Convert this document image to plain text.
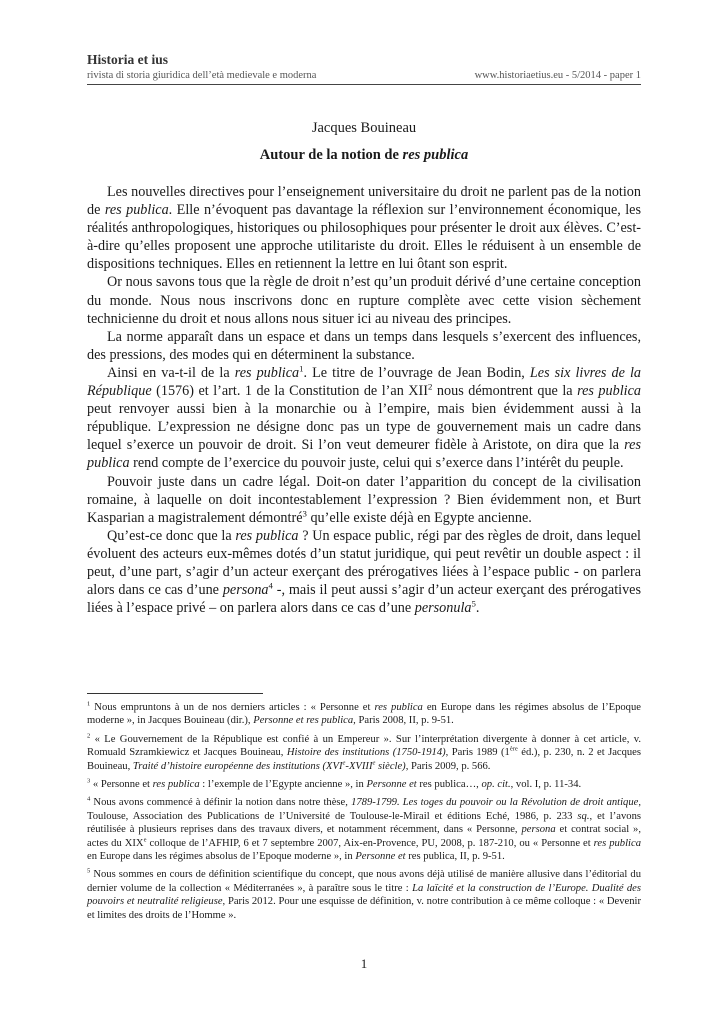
Historia et ius
rivista di storia giuridica dell’età medievale e moderna	www.historiaetius.eu - 5/2014 - paper 1
Jacques Bouineau
Autour de la notion de res publica

Les nouvelles directives pour l’enseignement universitaire du droit ne parlent pas de la notion de res publica. Elle n’évoquent pas davantage la réflexion sur l’environnement économique, les réalités anthropologiques, historiques ou philosophiques pour présenter le droit aux élèves. C’est-à-dire qu’elles proposent une approche utilitariste du droit. Elles le réduisent à un ensemble de dispositions techniques. Elles en retiennent la lettre en lui ôtant son esprit.

Or nous savons tous que la règle de droit n’est qu’un produit dérivé d’une certaine conception du monde. Nous nous inscrivons donc en rupture complète avec cette vision sèchement technicienne du droit et nous allons nous situer ici au niveau des principes.

La norme apparaît dans un espace et dans un temps dans lesquels s’exercent des influences, des pressions, des modes qui en déterminent la substance.

Ainsi en va-t-il de la res publica$^1$. Le titre de l’ouvrage de Jean Bodin, Les six livres de la République (1576) et l’art. 1 de la Constitution de l’an XII$^2$ nous démontrent que la res publica peut renvoyer aussi bien à la monarchie ou à l’empire, mais bien évidemment aussi à la république. L’expression ne désigne donc pas un type de gouvernement mais un cadre dans lequel s’exerce un pouvoir de droit. Si l’on veut demeurer fidèle à Aristote, on dira que la res publica rend compte de l’exercice du pouvoir juste, celui qui s’exerce dans l’intérêt du peuple.

Pouvoir juste dans un cadre légal. Doit-on dater l’apparition du concept de la civilisation romaine, à laquelle on doit incontestablement l’expression ? Bien évidemment non, et Burt Kasparian a magistralement démontré$^3$ qu’elle existe déjà en Egypte ancienne.

Qu’est-ce donc que la res publica ? Un espace public, régi par des règles de droit, dans lequel évoluent des acteurs eux-mêmes dotés d’un statut juridique, qui peut revêtir un double aspect : il peut, d’une part, s’agir d’un acteur exerçant des prérogatives liées à l’espace public - on parlera alors dans ce cas d’une persona$^4$ -, mais il peut aussi s’agir d’un acteur exerçant des prérogatives liées à l’espace privé – on parlera alors dans ce cas d’une personula$^5$.

$^1$ Nous empruntons à un de nos derniers articles : « Personne et res publica en Europe dans les régimes absolus de l’Epoque moderne », in Jacques Bouineau (dir.), Personne et res publica, Paris 2008, II, p. 9-51.

$^2$ « Le Gouvernement de la République est confié à un Empereur ». Sur l’interprétation divergente à donner à cet article, v. Romuald Szramkiewicz et Jacques Bouineau, Histoire des institutions (1750-1914), Paris 1989 (1ère éd.), p. 230, n. 2 et Jacques Bouineau, Traité d’histoire européenne des institutions (XVIe-XVIIIe siècle), Paris 2009, p. 566.

$^3$ « Personne et res publica : l’exemple de l’Egypte ancienne », in Personne et res publica…, op. cit., vol. I, p. 11-34.

$^4$ Nous avons commencé à définir la notion dans notre thèse, 1789-1799. Les toges du pouvoir ou la Révolution de droit antique, Toulouse, Association des Publications de l’Université de Toulouse-le-Mirail et éditions Eché, 1986, p. 233 sq., et l’avons réutilisée à plusieurs reprises dans des travaux divers, et notamment récemment, dans « Personne, persona et contrat social », actes du XIXe colloque de l’AFHIP, 6 et 7 septembre 2007, Aix-en-Provence, PU, 2008, p. 187-210, ou « Personne et res publica en Europe dans les régimes absolus de l’Epoque moderne », in Personne et res publica, II, p. 9-51.

$^5$ Nous sommes en cours de définition scientifique du concept, que nous avons déjà utilisé de manière allusive dans l’éditorial du dernier volume de la collection « Méditerranées », à paraître sous le titre : La laïcité et la construction de l’Europe. Dualité des pouvoirs et neutralité religieuse, Paris 2012. Pour une esquisse de définition, v. notre contribution à ce même colloque : « Devenir et limites des droits de l’Homme ».

1
